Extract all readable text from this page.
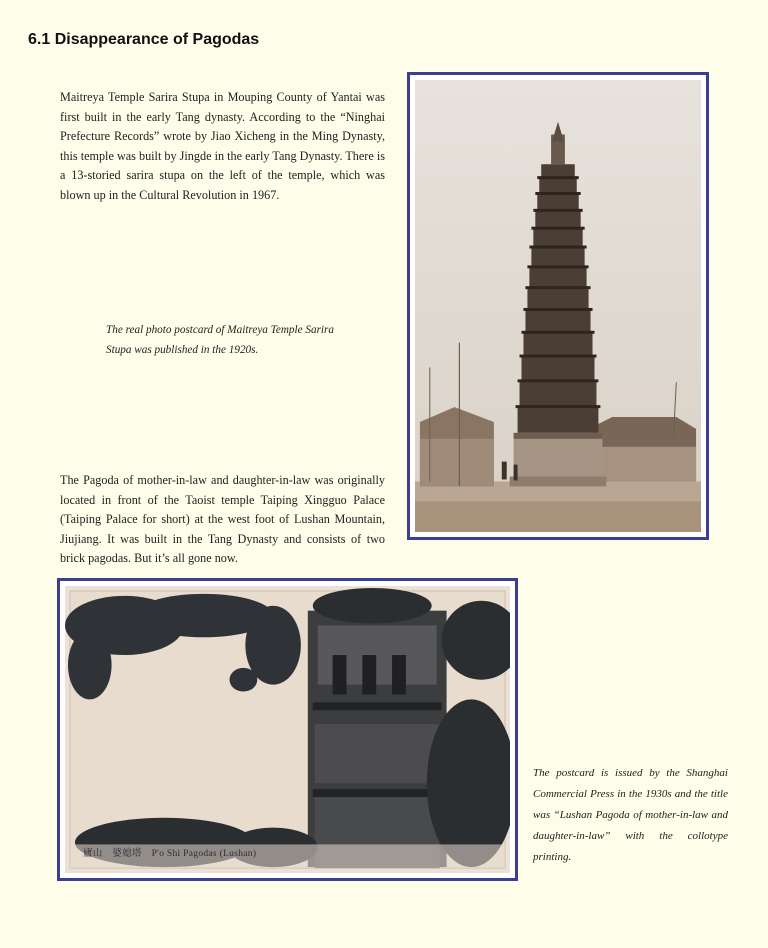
6.1 Disappearance of Pagodas

Maitreya Temple Sarira Stupa in Mouping County of Yantai was first built in the early Tang dynasty. According to the “Ninghai Prefecture Records” wrote by Jiao Xicheng in the Ming Dynasty, this temple was built by Jingde in the early Tang Dynasty. There is a 13-storied sarira stupa on the left of the temple, which was blown up in the Cultural Revolution in 1967.

The real photo postcard of Maitreya Temple Sarira Stupa was published in the 1920s.

The Pagoda of mother-in-law and daughter-in-law was originally located in front of the Taoist temple Taiping Xingguo Palace (Taiping Palace for short) at the west foot of Lushan Mountain, Jiujiang. It was built in the Tang Dynasty and consists of two brick pagodas. But it’s all gone now.

The postcard is issued by the Shanghai Commercial Press in the 1930s and the title was “Lushan Pagoda of mother-in-law and daughter-in-law” with the collotype printing.

廬山　婆媳塔　P'o Shi Pagodas (Lushan)
